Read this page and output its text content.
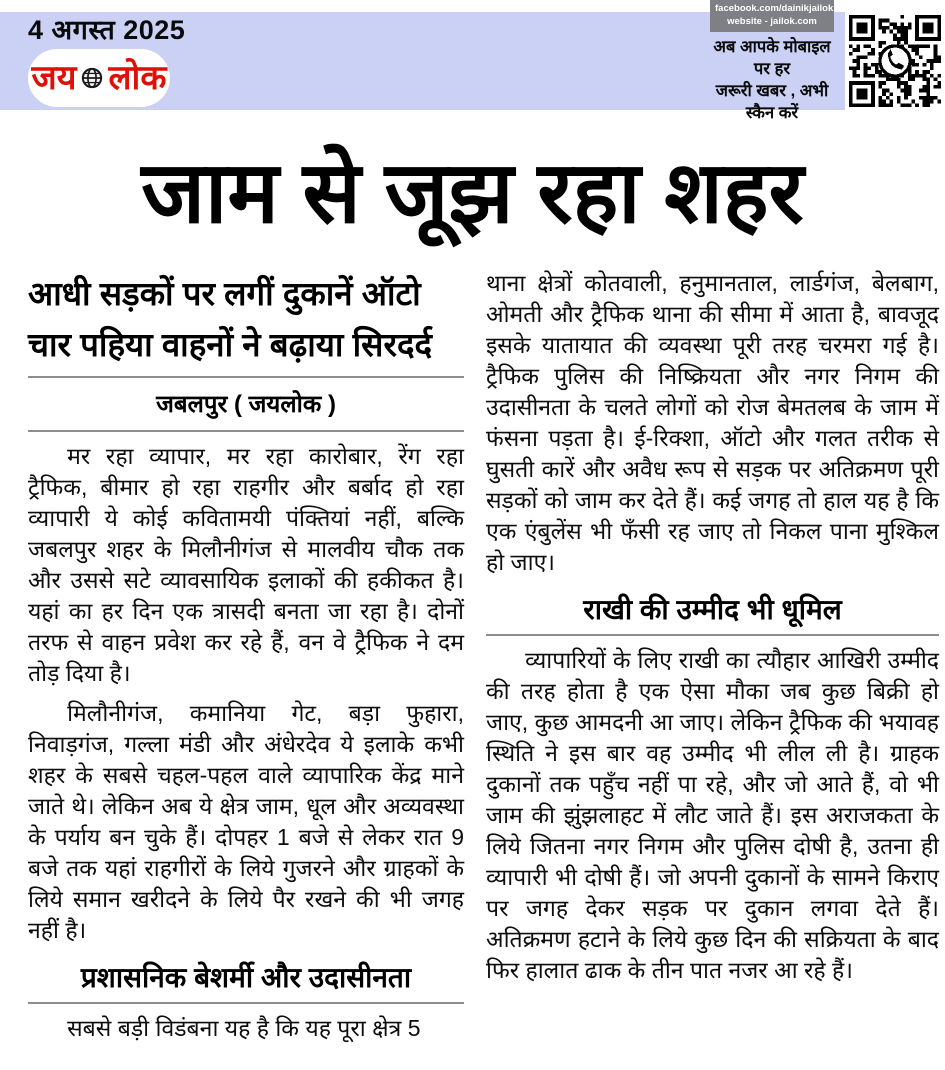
4 अगस्त 2025
जय लोक
facebook.com/dainikjailok
website - jailok.com
अब आपके मोबाइल पर हर
जरूरी खबर , अभी स्कैन करें
जाम से जूझ रहा शहर
आधी सड़कों पर लगीं दुकानें ऑटो चार पहिया वाहनों ने बढ़ाया सिरदर्द
जबलपुर ( जयलोक )

मर रहा व्यापार, मर रहा कारोबार, रेंग रहा ट्रैफिक, बीमार हो रहा राहगीर और बर्बाद हो रहा व्यापारी ये कोई कवितामयी पंक्तियां नहीं, बल्कि जबलपुर शहर के मिलौनीगंज से मालवीय चौक तक और उससे सटे व्यावसायिक इलाकों की हकीकत है। यहां का हर दिन एक त्रासदी बनता जा रहा है। दोनों तरफ से वाहन प्रवेश कर रहे हैं, वन वे ट्रैफिक ने दम तोड़ दिया है।

मिलौनीगंज, कमानिया गेट, बड़ा फुहारा, निवाड़गंज, गल्ला मंडी और अंधेरदेव ये इलाके कभी शहर के सबसे चहल-पहल वाले व्यापारिक केंद्र माने जाते थे। लेकिन अब ये क्षेत्र जाम, धूल और अव्यवस्था के पर्याय बन चुके हैं। दोपहर 1 बजे से लेकर रात 9 बजे तक यहां राहगीरों के लिये गुजरने और ग्राहकों के लिये समान खरीदने के लिये पैर रखने की भी जगह नहीं है।

प्रशासनिक बेशर्मी और उदासीनता

सबसे बड़ी विडंबना यह है कि यह पूरा क्षेत्र 5

थाना क्षेत्रों कोतवाली, हनुमानताल, लार्डगंज, बेलबाग, ओमती और ट्रैफिक थाना की सीमा में आता है, बावजूद इसके यातायात की व्यवस्था पूरी तरह चरमरा गई है। ट्रैफिक पुलिस की निष्क्रियता और नगर निगम की उदासीनता के चलते लोगों को रोज बेमतलब के जाम में फंसना पड़ता है। ई-रिक्शा, ऑटो और गलत तरीक से घुसती कारें और अवैध रूप से सड़क पर अतिक्रमण पूरी सड़कों को जाम कर देते हैं। कई जगह तो हाल यह है कि एक एंबुलेंस भी फँसी रह जाए तो निकल पाना मुश्किल हो जाए।

राखी की उम्मीद भी धूमिल

व्यापारियों के लिए राखी का त्यौहार आखिरी उम्मीद की तरह होता है एक ऐसा मौका जब कुछ बिक्री हो जाए, कुछ आमदनी आ जाए। लेकिन ट्रैफिक की भयावह स्थिति ने इस बार वह उम्मीद भी लील ली है। ग्राहक दुकानों तक पहुँच नहीं पा रहे, और जो आते हैं, वो भी जाम की झुंझलाहट में लौट जाते हैं। इस अराजकता के लिये जितना नगर निगम और पुलिस दोषी है, उतना ही व्यापारी भी दोषी हैं। जो अपनी दुकानों के सामने किराए पर जगह देकर सड़क पर दुकान लगवा देते हैं। अतिक्रमण हटाने के लिये कुछ दिन की सक्रियता के बाद फिर हालात ढाक के तीन पात नजर आ रहे हैं।
